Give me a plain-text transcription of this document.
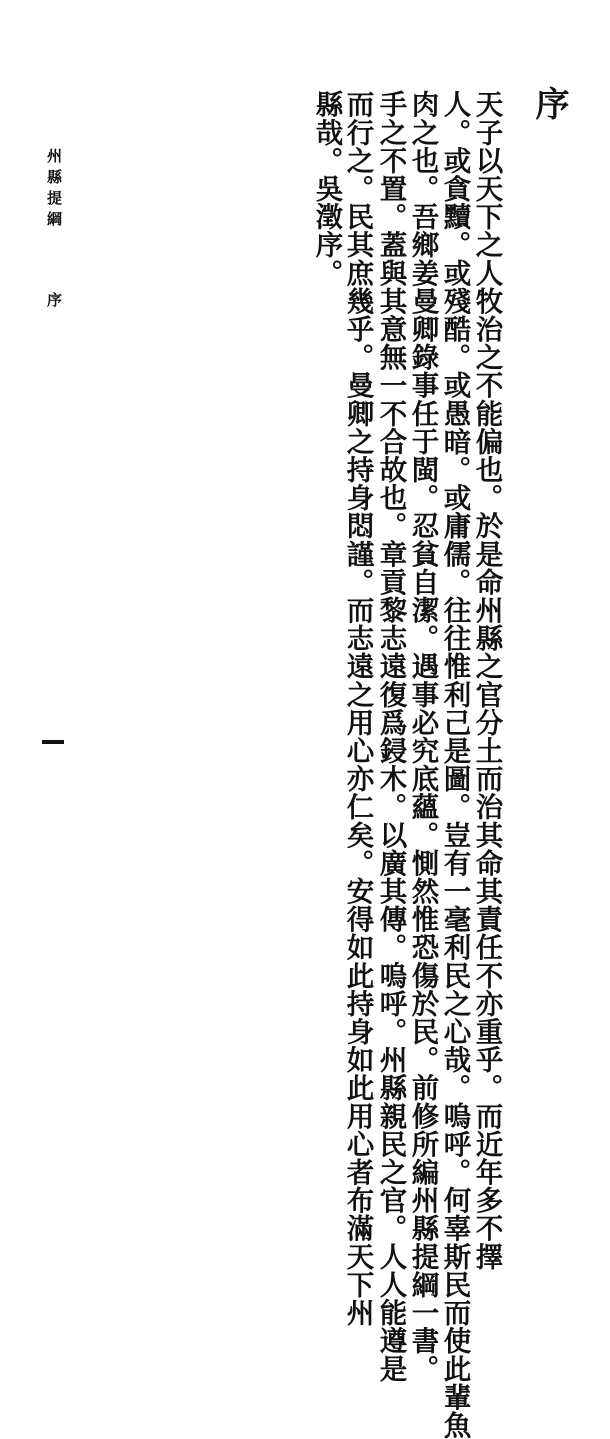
序
天子以天下之人牧治之不能偏也。於是命州縣之官分土而治其命其責任不亦重乎。而近年多不擇
人。或貪黷。或殘酷。或愚暗。或庸儒。往往惟利己是圖。豈有一毫利民之心哉。嗚呼。何辜斯民而使此輩魚
肉之也。吾鄉姜曼卿錄事任于閩。忍貧自潔。遇事必究底蘊。惻然惟恐傷於民。前修所編州縣提綱一書。
手之不置。蓋與其意無一不合故也。章貢黎志遠復爲鋟木。以廣其傳。嗚呼。州縣親民之官。人人能遵是
而行之。民其庶幾乎。曼卿之持身悶謹。而志遠之用心亦仁矣。安得如此持身如此用心者布滿天下州
縣哉。吳澂序。
州縣提綱
序
